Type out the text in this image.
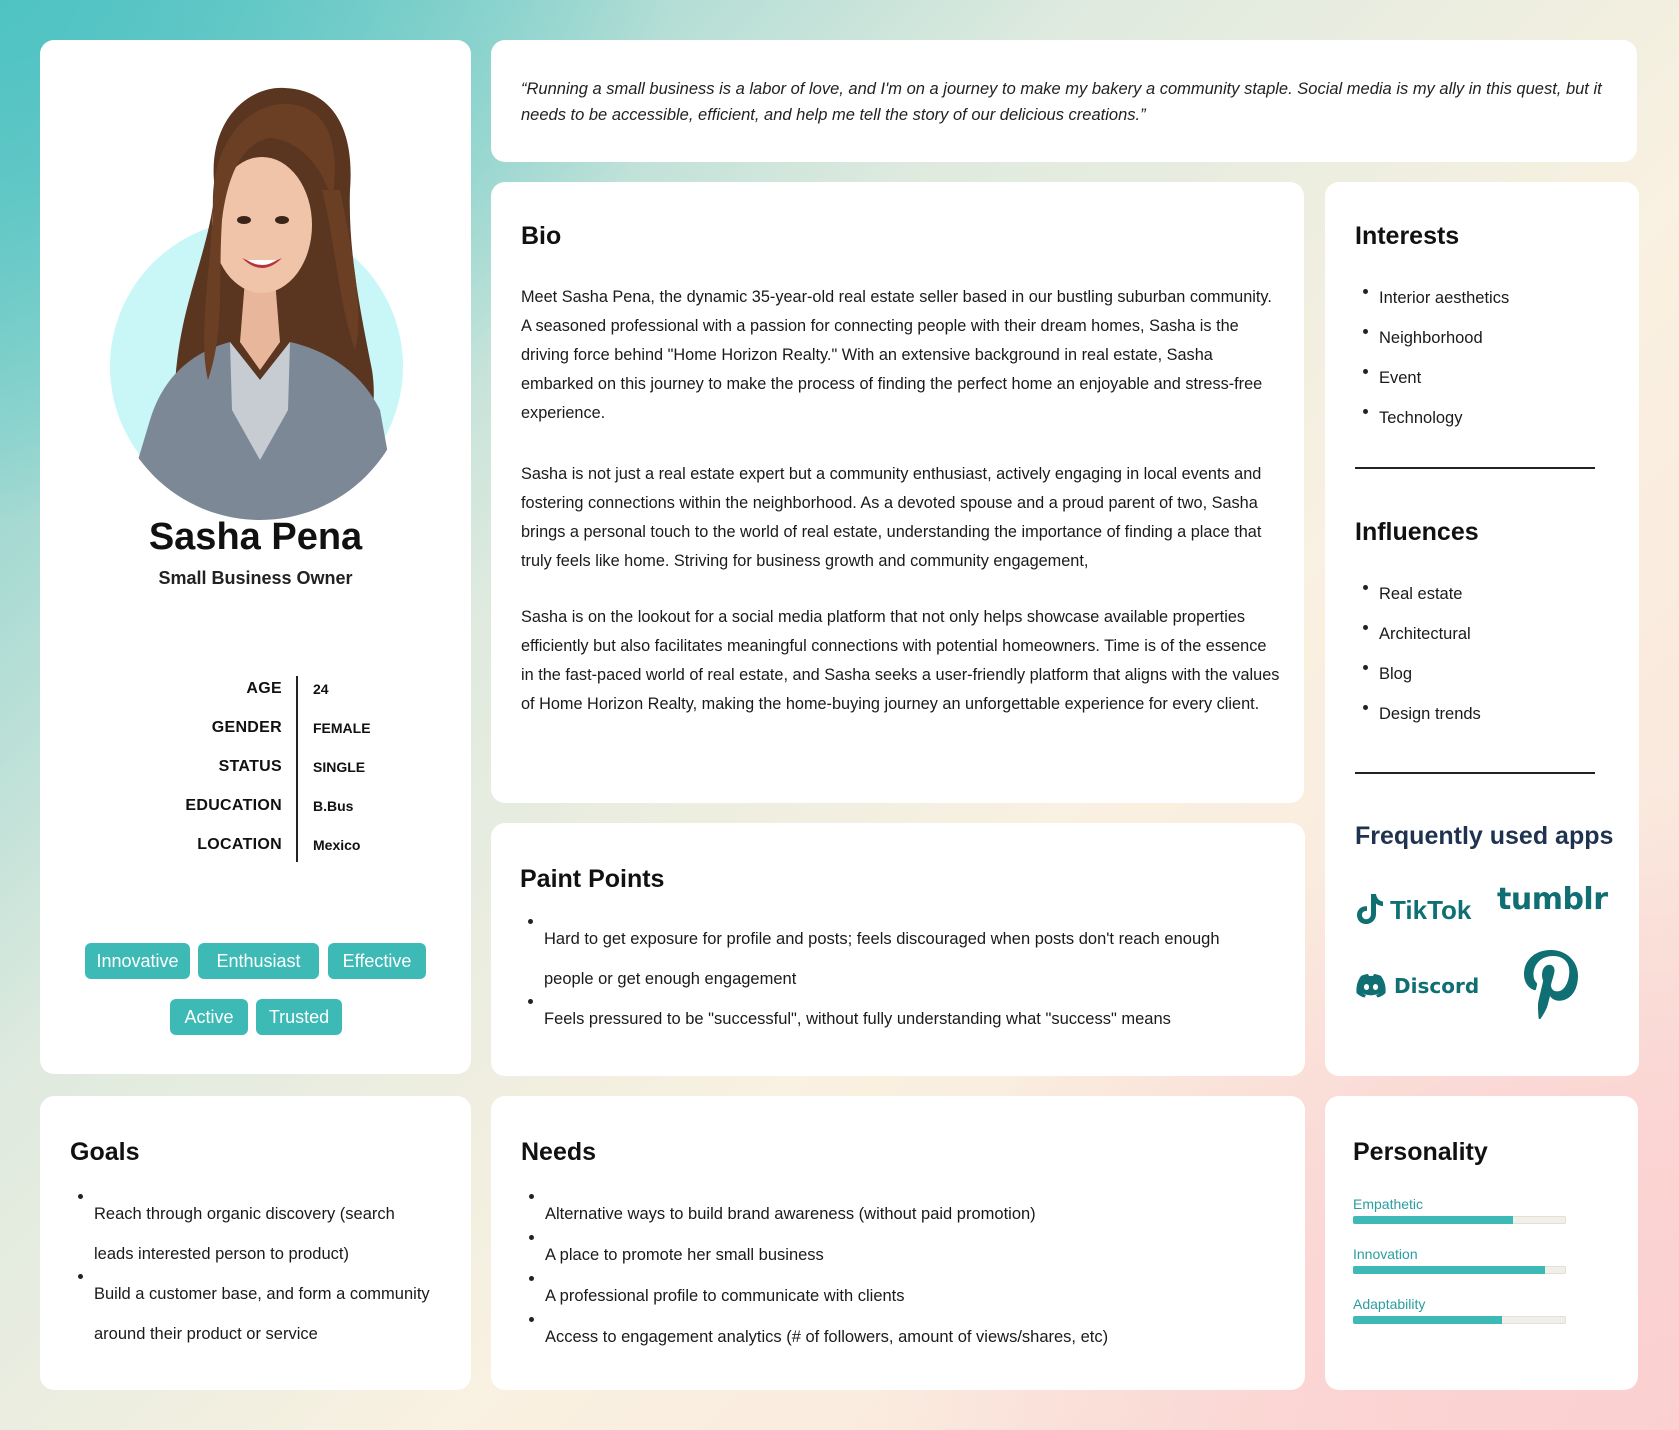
Sasha Pena
Small Business Owner
AGE 24
GENDER FEMALE
STATUS SINGLE
EDUCATION B.Bus
LOCATION Mexico
Innovative	Enthusiast	Effective
Active	Trusted
“Running a small business is a labor of love, and I'm on a journey to make my bakery a community staple. Social media is my ally in this quest, but it needs to be accessible, efficient, and help me tell the story of our delicious creations.”
Bio

Meet Sasha Pena, the dynamic 35-year-old real estate seller based in our bustling suburban community. A seasoned professional with a passion for connecting people with their dream homes, Sasha is the driving force behind "Home Horizon Realty." With an extensive background in real estate, Sasha embarked on this journey to make the process of finding the perfect home an enjoyable and stress-free experience.

Sasha is not just a real estate expert but a community enthusiast, actively engaging in local events and fostering connections within the neighborhood. As a devoted spouse and a proud parent of two, Sasha brings a personal touch to the world of real estate, understanding the importance of finding a place that truly feels like home. Striving for business growth and community engagement,

Sasha is on the lookout for a social media platform that not only helps showcase available properties efficiently but also facilitates meaningful connections with potential homeowners. Time is of the essence in the fast-paced world of real estate, and Sasha seeks a user-friendly platform that aligns with the values of Home Horizon Realty, making the home-buying journey an unforgettable experience for every client.

Interests
Interior aesthetics
Neighborhood
Event
Technology
Influences
Real estate
Architectural
Blog
Design trends
Frequently used apps
TikTok tumblr
Discord
Paint Points
Hard to get exposure for profile and posts; feels discouraged when posts don't reach enough people or get enough engagement
Feels pressured to be "successful", without fully understanding what "success" means
Goals
Reach through organic discovery (search leads interested person to product)
Build a customer base, and form a community around their product or service
Needs
Alternative ways to build brand awareness (without paid promotion)
A place to promote her small business
A professional profile to communicate with clients
Access to engagement analytics (# of followers, amount of views/shares, etc)
Personality
Empathetic
Innovation
Adaptability
